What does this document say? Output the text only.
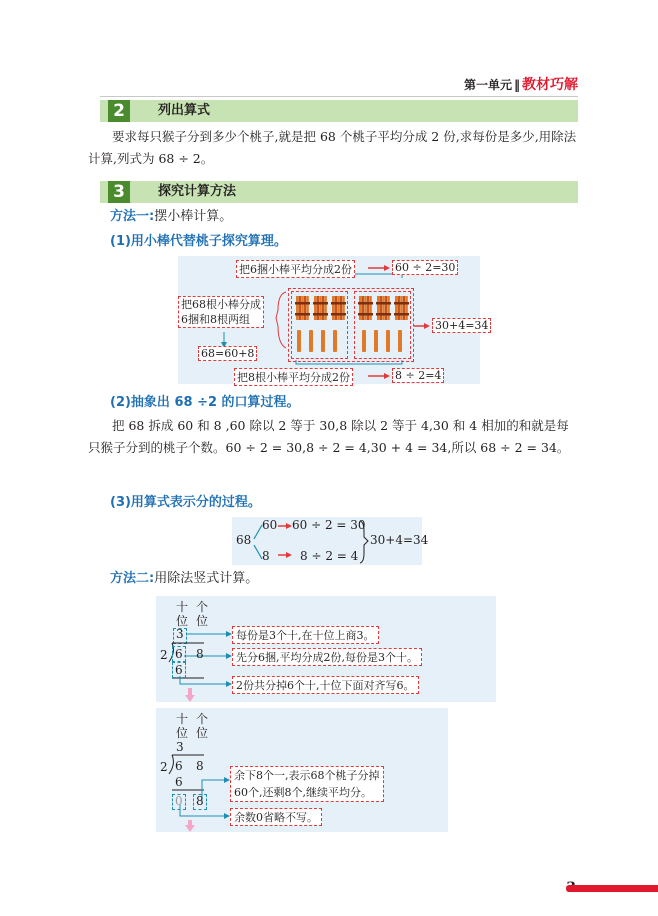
第一单元 ‖ 教材巧解
2	列出算式
要求每只猴子分到多少个桃子,就是把 68 个桃子平均分成 2 份,求每份是多少,用除法计算,列式为 68 ÷ 2。
3	探究计算方法
方法一:摆小棒计算。
(1)用小棒代替桃子探究算理。
把6捆小棒平均分成2份	60 ÷ 2=30
把68根小棒分成
6捆和8根两组
68=60+8
把8根小棒平均分成2份	8 ÷ 2=4
30+4=34
(2)抽象出 68 ÷2 的口算过程。
把 68 拆成 60 和 8 ,60 除以 2 等于 30,8 除以 2 等于 4,30 和 4 相加的和就是每只猴子分到的桃子个数。60 ÷ 2 = 30,8 ÷ 2 = 4,30 + 4 = 34,所以 68 ÷ 2 = 34。
(3)用算式表示分的过程。
68
60
8
60 ÷ 2 = 30
8 ÷ 2 = 4
30+4=34
方法二:用除法竖式计算。
十 个
位 位
3
2 6 8
6
每份是3个十,在十位上商3。
先分6捆,平均分成2份,每份是3个十。
2份共分掉6个十,十位下面对齐写6。
十 个
位 位
3
2 6 8
6
0 8
余下8个一,表示68个桃子分掉
60个,还剩8个,继续平均分。
余数0省略不写。
